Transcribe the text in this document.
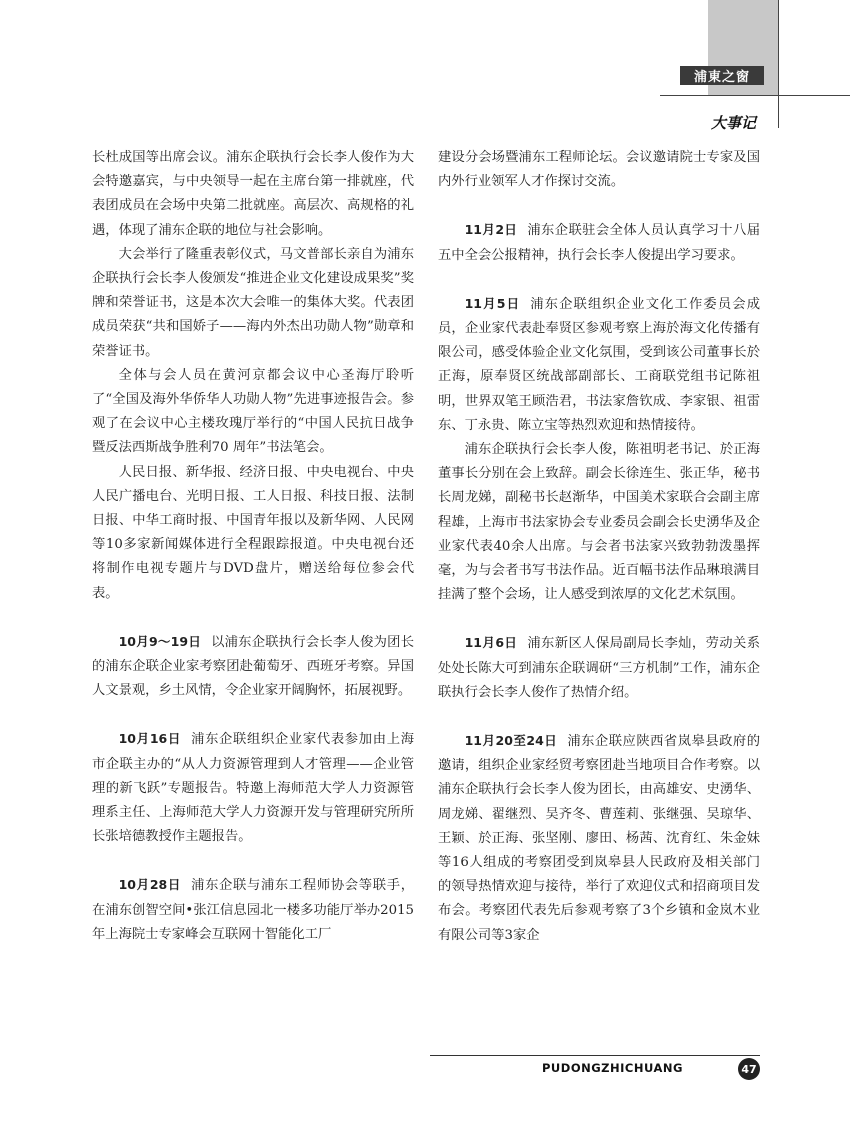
浦東之窗
大事记

长杜成国等出席会议。浦东企联执行会长李人俊作为大会特邀嘉宾，与中央领导一起在主席台第一排就座，代表团成员在会场中央第二批就座。高层次、高规格的礼遇，体现了浦东企联的地位与社会影响。

大会举行了隆重表彰仪式，马文普部长亲自为浦东企联执行会长李人俊颁发“推进企业文化建设成果奖”奖牌和荣誉证书，这是本次大会唯一的集体大奖。代表团成员荣获“共和国娇子——海内外杰出功勋人物”勋章和荣誉证书。

全体与会人员在黄河京都会议中心圣海厅聆听了“全国及海外华侨华人功勋人物”先进事迹报告会。参观了在会议中心主楼玫瑰厅举行的“中国人民抗日战争暨反法西斯战争胜利70 周年”书法笔会。

人民日报、新华报、经济日报、中央电视台、中央人民广播电台、光明日报、工人日报、科技日报、法制日报、中华工商时报、中国青年报以及新华网、人民网等10多家新闻媒体进行全程跟踪报道。中央电视台还将制作电视专题片与DVD盘片，赠送给每位参会代表。

10月9～19日 以浦东企联执行会长李人俊为团长的浦东企联企业家考察团赴葡萄牙、西班牙考察。异国人文景观，乡土风情，令企业家开阔胸怀，拓展视野。

10月16日 浦东企联组织企业家代表参加由上海市企联主办的“从人力资源管理到人才管理——企业管理的新飞跃”专题报告。特邀上海师范大学人力资源管理系主任、上海师范大学人力资源开发与管理研究所所长张培德教授作主题报告。

10月28日 浦东企联与浦东工程师协会等联手，在浦东创智空间•张江信息园北一楼多功能厅举办2015年上海院士专家峰会互联网十智能化工厂

建设分会场暨浦东工程师论坛。会议邀请院士专家及国内外行业领军人才作探讨交流。

11月2日 浦东企联驻会全体人员认真学习十八届五中全会公报精神，执行会长李人俊提出学习要求。

11月5日 浦东企联组织企业文化工作委员会成员，企业家代表赴奉贤区参观考察上海於海文化传播有限公司，感受体验企业文化氛围，受到该公司董事长於正海，原奉贤区统战部副部长、工商联党组书记陈祖明，世界双笔王顾浩君，书法家詹钦成、李家银、祖雷东、丁永贵、陈立宝等热烈欢迎和热情接待。

浦东企联执行会长李人俊，陈祖明老书记、於正海董事长分别在会上致辞。副会长徐连生、张正华，秘书长周龙娣，副秘书长赵渐华，中国美术家联合会副主席程雄，上海市书法家协会专业委员会副会长史湧华及企业家代表40余人出席。与会者书法家兴致勃勃泼墨挥毫，为与会者书写书法作品。近百幅书法作品琳琅满目挂满了整个会场，让人感受到浓厚的文化艺术氛围。

11月6日 浦东新区人保局副局长李灿，劳动关系处处长陈大可到浦东企联调研“三方机制”工作，浦东企联执行会长李人俊作了热情介绍。

11月20至24日 浦东企联应陕西省岚皋县政府的邀请，组织企业家经贸考察团赴当地项目合作考察。以浦东企联执行会长李人俊为团长，由高雄安、史湧华、周龙娣、翟继烈、吴齐冬、曹莲莉、张继强、吴琼华、王颖、於正海、张坚刚、廖田、杨茜、沈育红、朱金妹等16人组成的考察团受到岚皋县人民政府及相关部门的领导热情欢迎与接待，举行了欢迎仪式和招商项目发布会。考察团代表先后参观考察了3个乡镇和金岚木业有限公司等3家企

PUDONGZHICHUANG	47
